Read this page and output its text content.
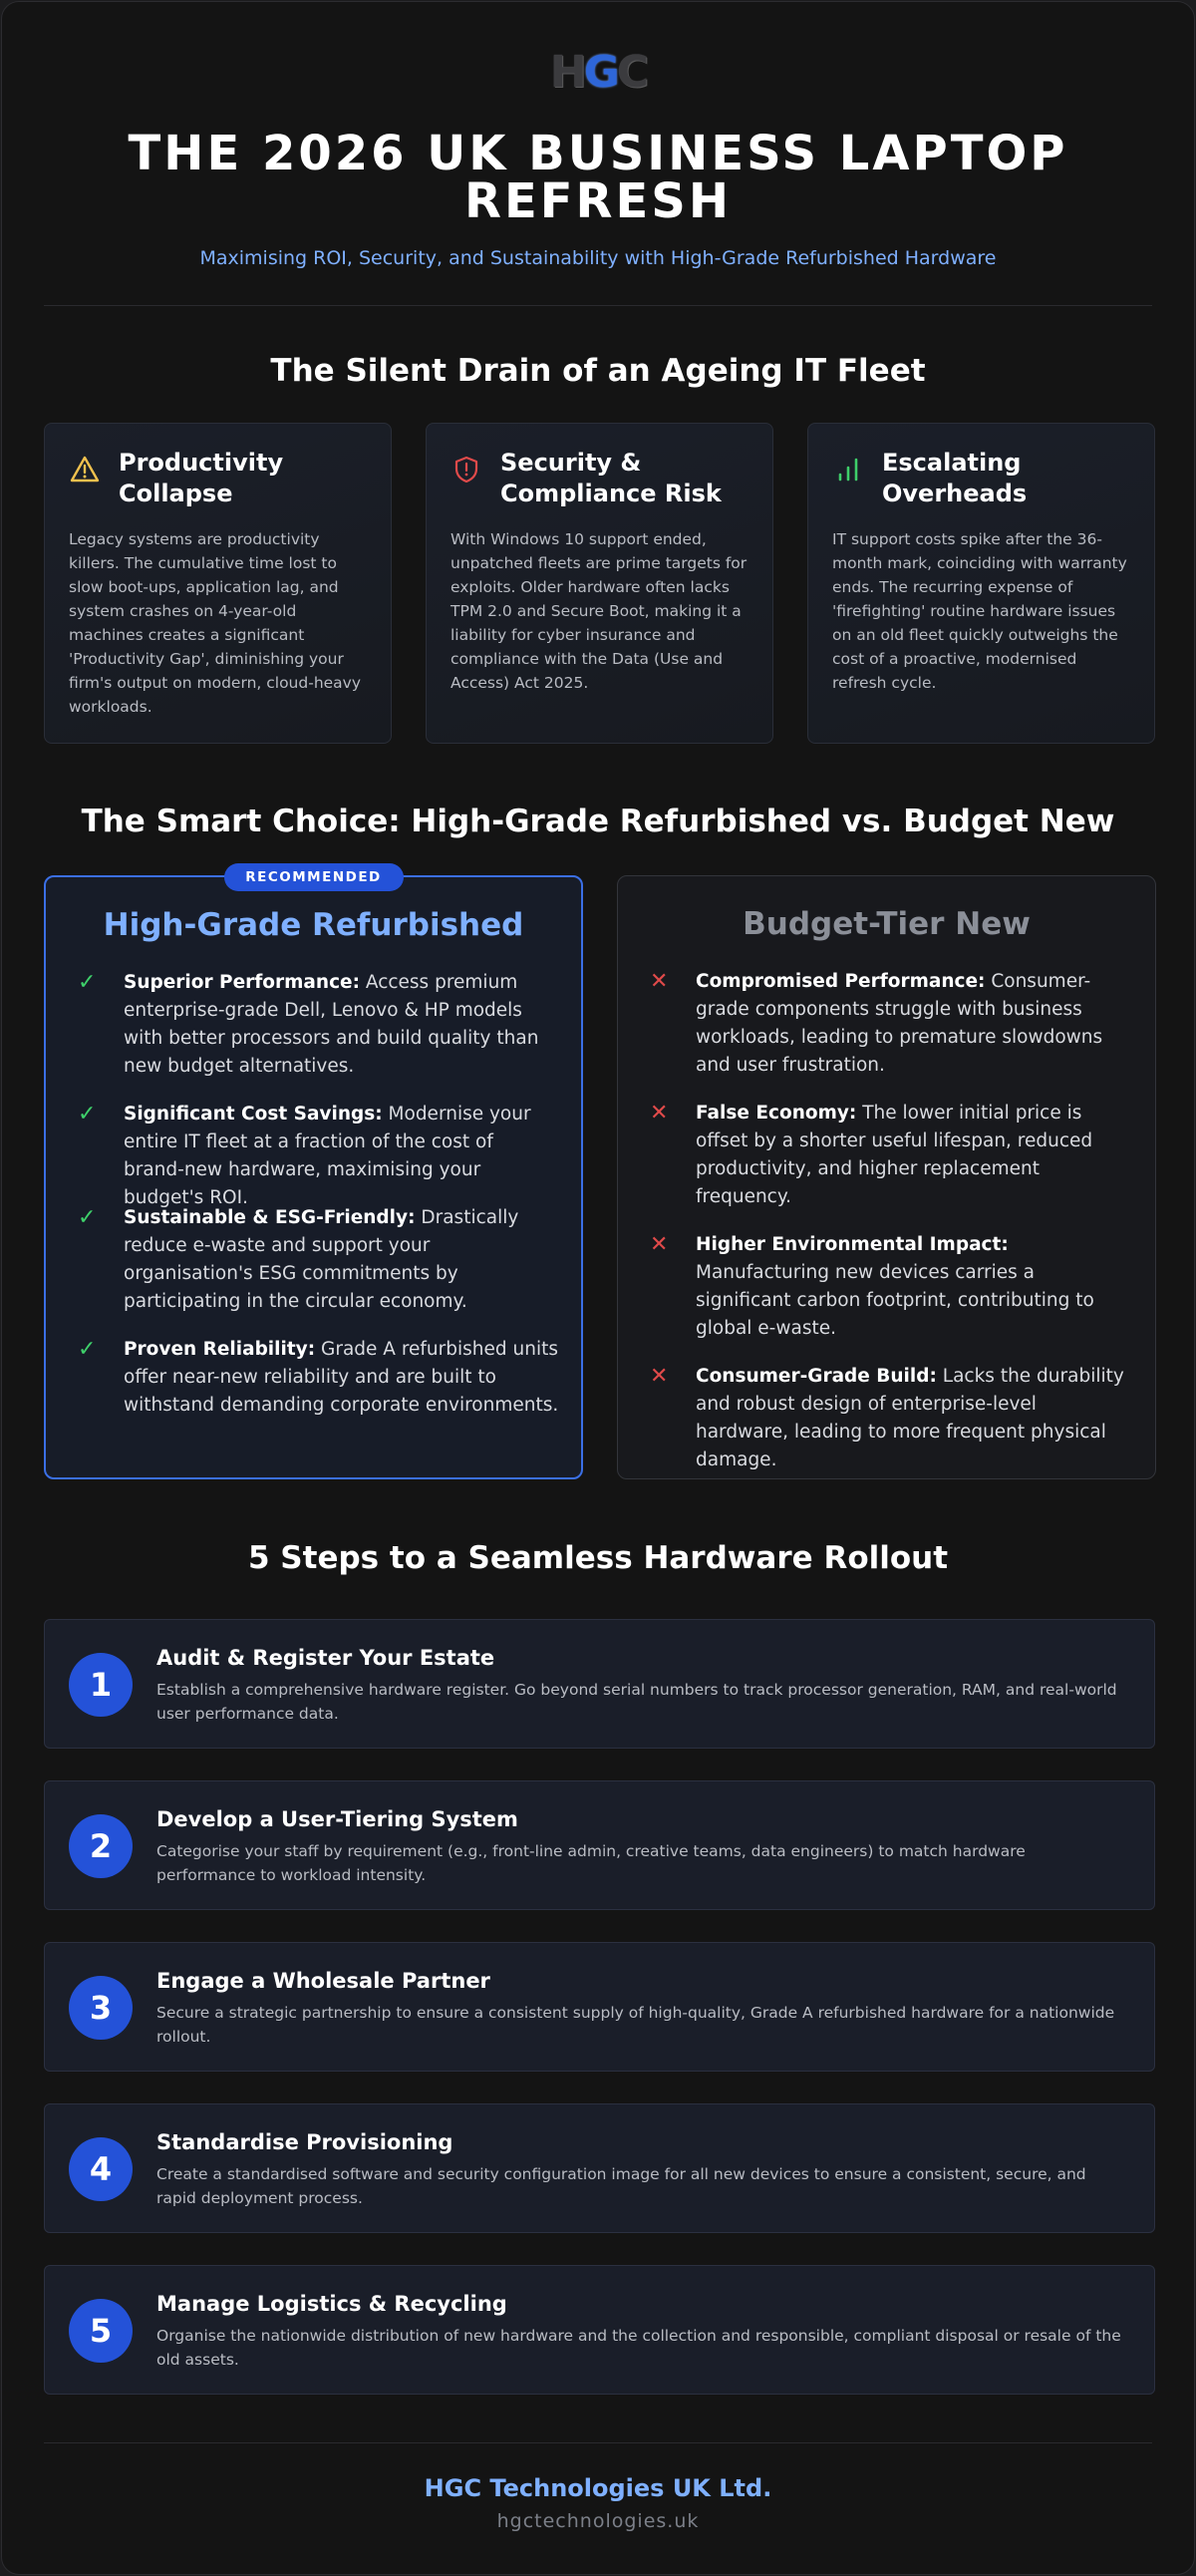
H G C
THE 2026 UK BUSINESS LAPTOP REFRESH
Maximising ROI, Security, and Sustainability with High-Grade Refurbished Hardware
The Silent Drain of an Ageing IT Fleet
Productivity Collapse
Legacy systems are productivity killers. The cumulative time lost to slow boot-ups, application lag, and system crashes on 4-year-old machines creates a significant 'Productivity Gap', diminishing your firm's output on modern, cloud-heavy workloads.
Security & Compliance Risk
With Windows 10 support ended, unpatched fleets are prime targets for exploits. Older hardware often lacks TPM 2.0 and Secure Boot, making it a liability for cyber insurance and compliance with the Data (Use and Access) Act 2025.
Escalating Overheads
IT support costs spike after the 36-month mark, coinciding with warranty ends. The recurring expense of 'firefighting' routine hardware issues on an old fleet quickly outweighs the cost of a proactive, modernised refresh cycle.
The Smart Choice: High-Grade Refurbished vs. Budget New
RECOMMENDED
High-Grade Refurbished
✓ Superior Performance: Access premium enterprise-grade Dell, Lenovo & HP models with better processors and build quality than new budget alternatives.
✓ Significant Cost Savings: Modernise your entire IT fleet at a fraction of the cost of brand-new hardware, maximising your budget's ROI.
✓ Sustainable & ESG-Friendly: Drastically reduce e-waste and support your organisation's ESG commitments by participating in the circular economy.
✓ Proven Reliability: Grade A refurbished units offer near-new reliability and are built to withstand demanding corporate environments.
Budget-Tier New
✕ Compromised Performance: Consumer-grade components struggle with business workloads, leading to premature slowdowns and user frustration.
✕ False Economy: The lower initial price is offset by a shorter useful lifespan, reduced productivity, and higher replacement frequency.
✕ Higher Environmental Impact: Manufacturing new devices carries a significant carbon footprint, contributing to global e-waste.
✕ Consumer-Grade Build: Lacks the durability and robust design of enterprise-level hardware, leading to more frequent physical damage.
5 Steps to a Seamless Hardware Rollout
1
Audit & Register Your Estate
Establish a comprehensive hardware register. Go beyond serial numbers to track processor generation, RAM, and real-world user performance data.
2
Develop a User-Tiering System
Categorise your staff by requirement (e.g., front-line admin, creative teams, data engineers) to match hardware performance to workload intensity.
3
Engage a Wholesale Partner
Secure a strategic partnership to ensure a consistent supply of high-quality, Grade A refurbished hardware for a nationwide rollout.
4
Standardise Provisioning
Create a standardised software and security configuration image for all new devices to ensure a consistent, secure, and rapid deployment process.
5
Manage Logistics & Recycling
Organise the nationwide distribution of new hardware and the collection and responsible, compliant disposal or resale of the old assets.
HGC Technologies UK Ltd.
hgctechnologies.uk
